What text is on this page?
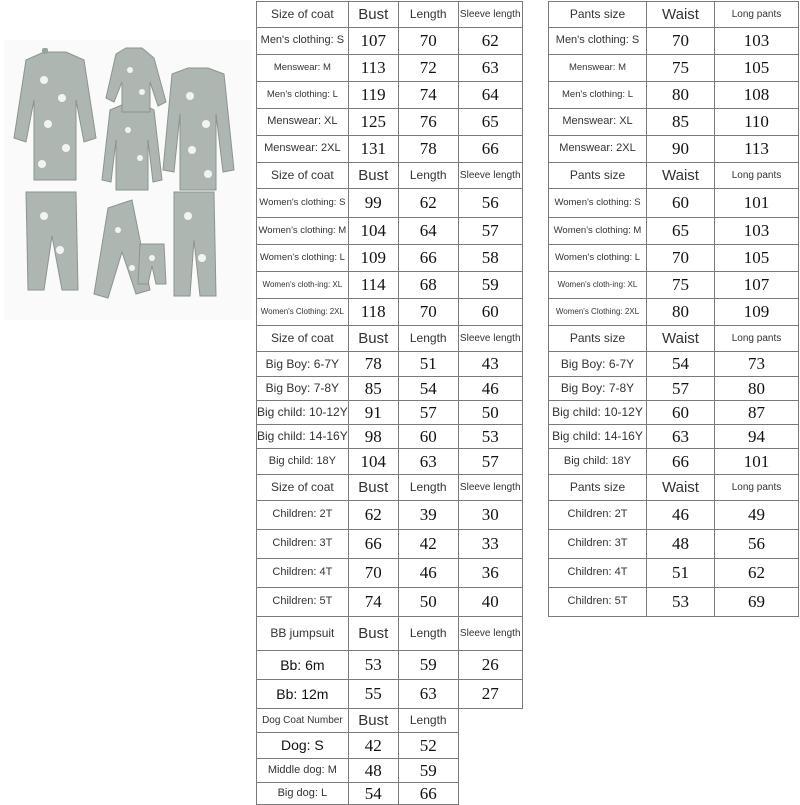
Size of coat	Bust	Length	Sleeve length
Men's clothing: S	107	70	62
Menswear: M	113	72	63
Men's clothing: L	119	74	64
Menswear: XL	125	76	65
Menswear: 2XL	131	78	66
Size of coat	Bust	Length	Sleeve length
Women's clothing: S	99	62	56
Women's clothing: M	104	64	57
Women's clothing: L	109	66	58
Women's cloth-ing: XL	114	68	59
Women's Clothing: 2XL	118	70	60
Size of coat	Bust	Length	Sleeve length
Big Boy: 6-7Y	78	51	43
Big Boy: 7-8Y	85	54	46
Big child: 10-12Y	91	57	50
Big child: 14-16Y	98	60	53
Big child: 18Y	104	63	57
Size of coat	Bust	Length	Sleeve length
Children: 2T	62	39	30
Children: 3T	66	42	33
Children: 4T	70	46	36
Children: 5T	74	50	40
BB jumpsuit	Bust	Length	Sleeve length
Bb: 6m	53	59	26
Bb: 12m	55	63	27
Dog Coat Number	Bust	Length	
Dog: S	42	52	
Middle dog: M	48	59	
Big dog: L	54	66	
Pants size	Waist	Long pants
Men's clothing: S	70	103
Menswear: M	75	105
Men's clothing: L	80	108
Menswear: XL	85	110
Menswear: 2XL	90	113
Pants size	Waist	Long pants
Women's clothing: S	60	101
Women's clothing: M	65	103
Women's clothing: L	70	105
Women's cloth-ing: XL	75	107
Women's Clothing: 2XL	80	109
Pants size	Waist	Long pants
Big Boy: 6-7Y	54	73
Big Boy: 7-8Y	57	80
Big child: 10-12Y	60	87
Big child: 14-16Y	63	94
Big child: 18Y	66	101
Pants size	Waist	Long pants
Children: 2T	46	49
Children: 3T	48	56
Children: 4T	51	62
Children: 5T	53	69
